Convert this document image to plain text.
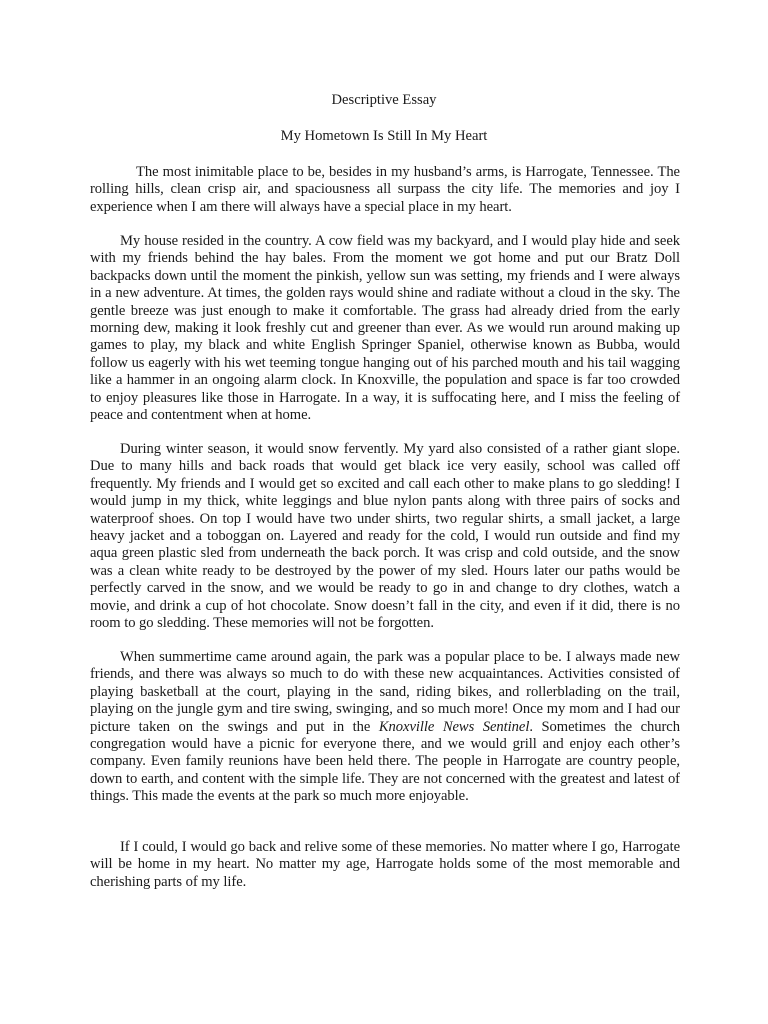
Descriptive Essay
My Hometown Is Still In My Heart

The most inimitable place to be, besides in my husband’s arms, is Harrogate, Tennessee. The rolling hills, clean crisp air, and spaciousness all surpass the city life. The memories and joy I experience when I am there will always have a special place in my heart.

My house resided in the country. A cow field was my backyard, and I would play hide and seek with my friends behind the hay bales. From the moment we got home and put our Bratz Doll backpacks down until the moment the pinkish, yellow sun was setting, my friends and I were always in a new adventure. At times, the golden rays would shine and radiate without a cloud in the sky. The gentle breeze was just enough to make it comfortable. The grass had already dried from the early morning dew, making it look freshly cut and greener than ever. As we would run around making up games to play, my black and white English Springer Spaniel, otherwise known as Bubba, would follow us eagerly with his wet teeming tongue hanging out of his parched mouth and his tail wagging like a hammer in an ongoing alarm clock. In Knoxville, the population and space is far too crowded to enjoy pleasures like those in Harrogate. In a way, it is suffocating here, and I miss the feeling of peace and contentment when at home.

During winter season, it would snow fervently. My yard also consisted of a rather giant slope. Due to many hills and back roads that would get black ice very easily, school was called off frequently. My friends and I would get so excited and call each other to make plans to go sledding! I would jump in my thick, white leggings and blue nylon pants along with three pairs of socks and waterproof shoes. On top I would have two under shirts, two regular shirts, a small jacket, a large heavy jacket and a toboggan on. Layered and ready for the cold, I would run outside and find my aqua green plastic sled from underneath the back porch. It was crisp and cold outside, and the snow was a clean white ready to be destroyed by the power of my sled. Hours later our paths would be perfectly carved in the snow, and we would be ready to go in and change to dry clothes, watch a movie, and drink a cup of hot chocolate. Snow doesn’t fall in the city, and even if it did, there is no room to go sledding. These memories will not be forgotten.

When summertime came around again, the park was a popular place to be. I always made new friends, and there was always so much to do with these new acquaintances. Activities consisted of playing basketball at the court, playing in the sand, riding bikes, and rollerblading on the trail, playing on the jungle gym and tire swing, swinging, and so much more! Once my mom and I had our picture taken on the swings and put in the Knoxville News Sentinel. Sometimes the church congregation would have a picnic for everyone there, and we would grill and enjoy each other’s company. Even family reunions have been held there. The people in Harrogate are country people, down to earth, and content with the simple life. They are not concerned with the greatest and latest of things. This made the events at the park so much more enjoyable.

If I could, I would go back and relive some of these memories. No matter where I go, Harrogate will be home in my heart. No matter my age, Harrogate holds some of the most memorable and cherishing parts of my life.
